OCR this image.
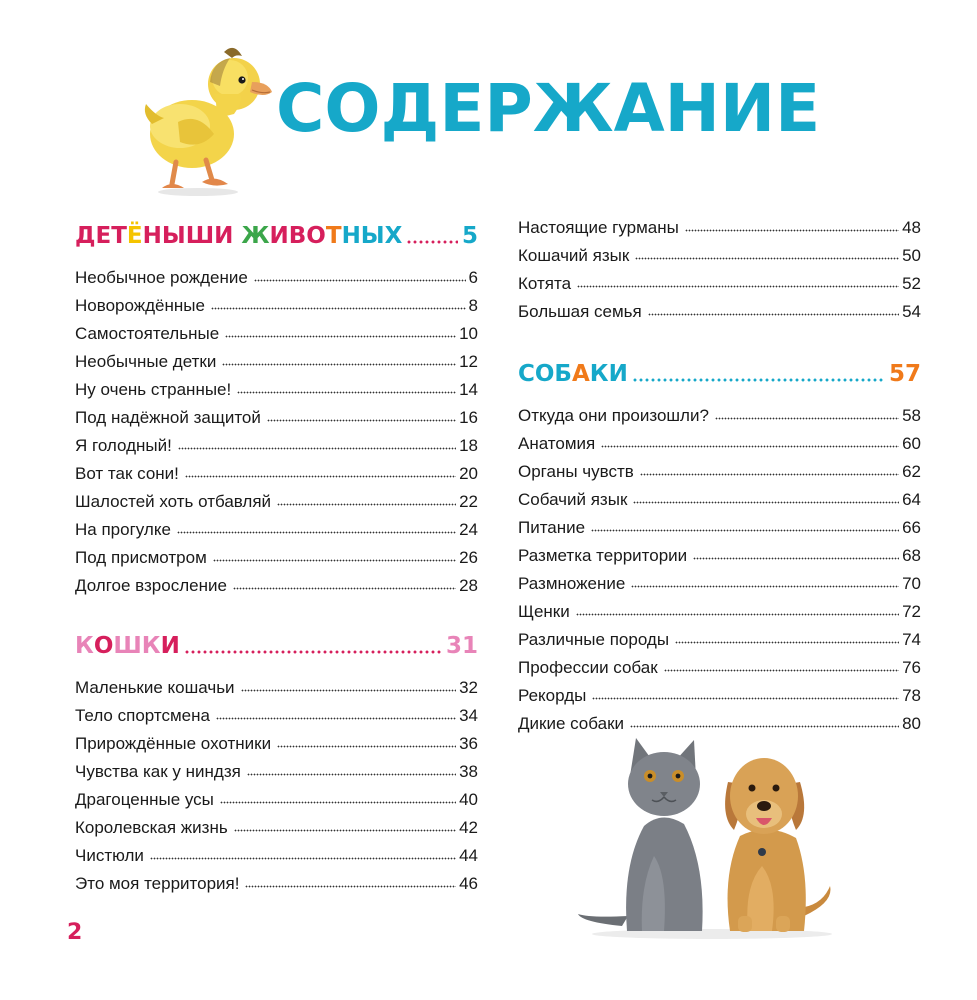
СОДЕРЖАНИЕ
ДЕТЁНЫШИ ЖИВОТНЫХ	5
Необычное рождение	6
Новорождённые	8
Самостоятельные	10
Необычные детки	12
Ну очень странные!	14
Под надёжной защитой	16
Я голодный!	18
Вот так сони!	20
Шалостей хоть отбавляй	22
На прогулке	24
Под присмотром	26
Долгое взросление	28
КОШКИ	31
Маленькие кошачьи	32
Тело спортсмена	34
Прирождённые охотники	36
Чувства как у ниндзя	38
Драгоценные усы	40
Королевская жизнь	42
Чистюли	44
Это моя территория!	46
Настоящие гурманы	48
Кошачий язык	50
Котята	52
Большая семья	54
СОБАКИ	57
Откуда они произошли?	58
Анатомия	60
Органы чувств	62
Собачий язык	64
Питание	66
Разметка территории	68
Размножение	70
Щенки	72
Различные породы	74
Профессии собак	76
Рекорды	78
Дикие собаки	80
2
